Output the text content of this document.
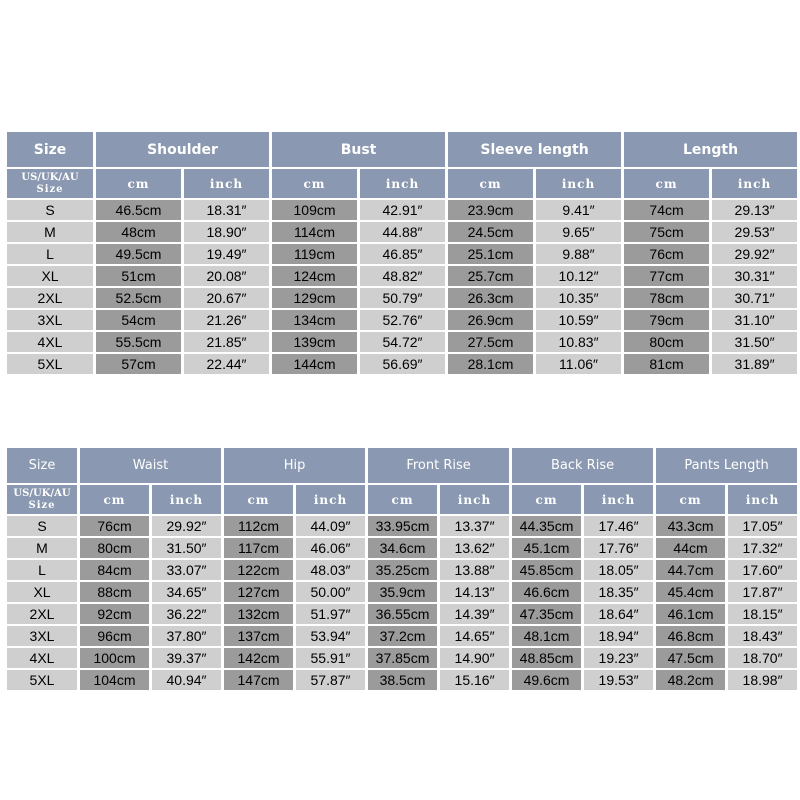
Size	Shoulder		Bust		Sleeve length		Length	

US/UK/AU
Size	cm	inch	cm	inch	cm	inch	cm	inch
S	46.5cm	18.31″	109cm	42.91″	23.9cm	9.41″	74cm	29.13″
M	48cm	18.90″	114cm	44.88″	24.5cm	9.65″	75cm	29.53″
L	49.5cm	19.49″	119cm	46.85″	25.1cm	9.88″	76cm	29.92″
XL	51cm	20.08″	124cm	48.82″	25.7cm	10.12″	77cm	30.31″
2XL	52.5cm	20.67″	129cm	50.79″	26.3cm	10.35″	78cm	30.71″
3XL	54cm	21.26″	134cm	52.76″	26.9cm	10.59″	79cm	31.10″
4XL	55.5cm	21.85″	139cm	54.72″	27.5cm	10.83″	80cm	31.50″
5XL	57cm	22.44″	144cm	56.69″	28.1cm	11.06″	81cm	31.89″
Size	Waist		Hip		Front Rise		Back Rise		Pants Length	

US/UK/AU
Size	cm	inch	cm	inch	cm	inch	cm	inch	cm	inch
S	76cm	29.92″	112cm	44.09″	33.95cm	13.37″	44.35cm	17.46″	43.3cm	17.05″
M	80cm	31.50″	117cm	46.06″	34.6cm	13.62″	45.1cm	17.76″	44cm	17.32″
L	84cm	33.07″	122cm	48.03″	35.25cm	13.88″	45.85cm	18.05″	44.7cm	17.60″
XL	88cm	34.65″	127cm	50.00″	35.9cm	14.13″	46.6cm	18.35″	45.4cm	17.87″
2XL	92cm	36.22″	132cm	51.97″	36.55cm	14.39″	47.35cm	18.64″	46.1cm	18.15″
3XL	96cm	37.80″	137cm	53.94″	37.2cm	14.65″	48.1cm	18.94″	46.8cm	18.43″
4XL	100cm	39.37″	142cm	55.91″	37.85cm	14.90″	48.85cm	19.23″	47.5cm	18.70″
5XL	104cm	40.94″	147cm	57.87″	38.5cm	15.16″	49.6cm	19.53″	48.2cm	18.98″
